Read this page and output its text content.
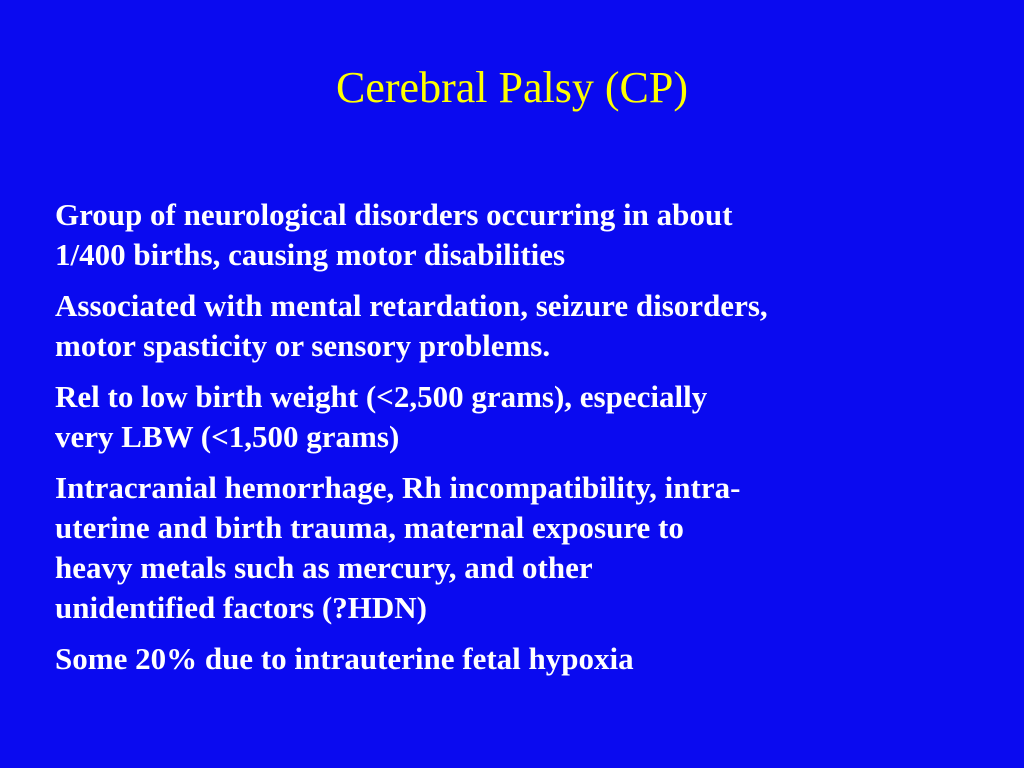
Cerebral Palsy (CP)
Group of neurological disorders occurring in about
1/400 births, causing motor disabilities
Associated with mental retardation, seizure disorders,
motor spasticity or sensory problems.
Rel to low birth weight (<2,500 grams), especially
very LBW (<1,500 grams)
Intracranial hemorrhage, Rh incompatibility, intra-
uterine and birth trauma, maternal exposure to
heavy metals such as mercury, and other
unidentified factors (?HDN)
Some 20% due to intrauterine fetal hypoxia
